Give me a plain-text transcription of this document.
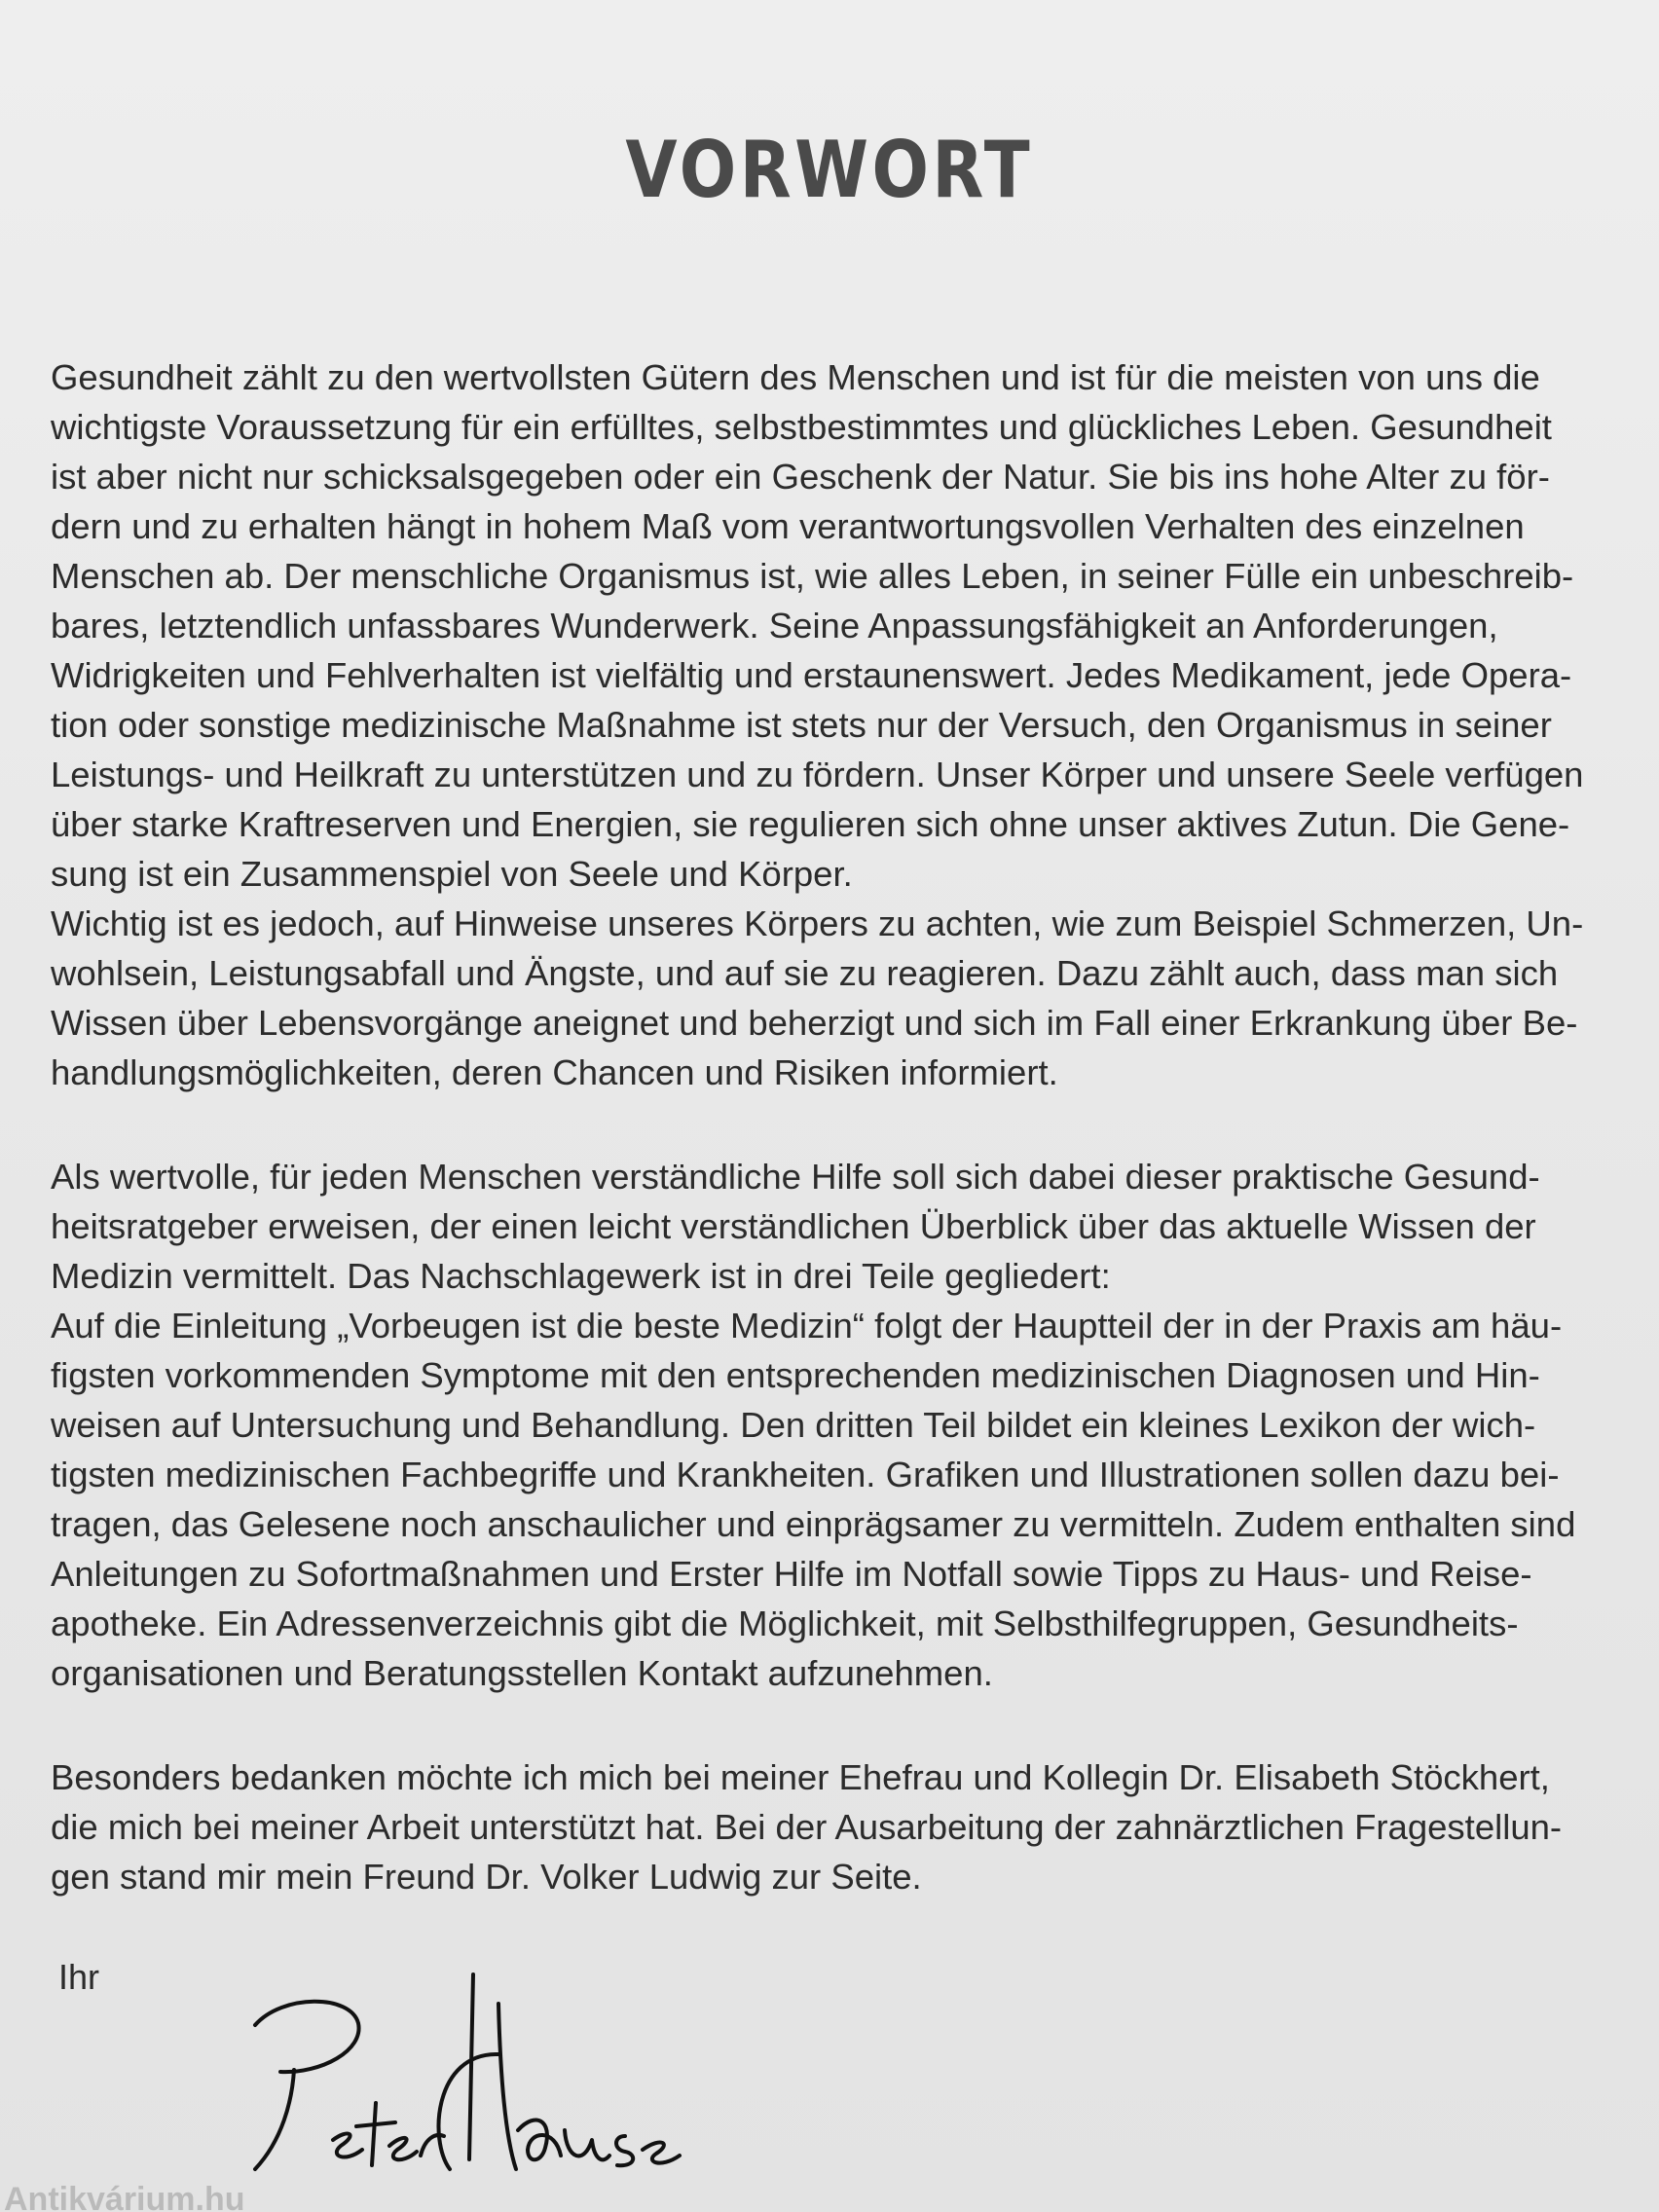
VORWORT
Gesundheit zählt zu den wertvollsten Gütern des Menschen und ist für die meisten von uns die
wichtigste Voraussetzung für ein erfülltes, selbstbestimmtes und glückliches Leben. Gesundheit
ist aber nicht nur schicksalsgegeben oder ein Geschenk der Natur. Sie bis ins hohe Alter zu för-
dern und zu erhalten hängt in hohem Maß vom verantwortungsvollen Verhalten des einzelnen
Menschen ab. Der menschliche Organismus ist, wie alles Leben, in seiner Fülle ein unbeschreib-
bares, letztendlich unfassbares Wunderwerk. Seine Anpassungsfähigkeit an Anforderungen,
Widrigkeiten und Fehlverhalten ist vielfältig und erstaunenswert. Jedes Medikament, jede Opera-
tion oder sonstige medizinische Maßnahme ist stets nur der Versuch, den Organismus in seiner
Leistungs- und Heilkraft zu unterstützen und zu fördern. Unser Körper und unsere Seele verfügen
über starke Kraftreserven und Energien, sie regulieren sich ohne unser aktives Zutun. Die Gene-
sung ist ein Zusammenspiel von Seele und Körper.
Wichtig ist es jedoch, auf Hinweise unseres Körpers zu achten, wie zum Beispiel Schmerzen, Un-
wohlsein, Leistungsabfall und Ängste, und auf sie zu reagieren. Dazu zählt auch, dass man sich
Wissen über Lebensvorgänge aneignet und beherzigt und sich im Fall einer Erkrankung über Be-
handlungsmöglichkeiten, deren Chancen und Risiken informiert.
Als wertvolle, für jeden Menschen verständliche Hilfe soll sich dabei dieser praktische Gesund-
heitsratgeber erweisen, der einen leicht verständlichen Überblick über das aktuelle Wissen der
Medizin vermittelt. Das Nachschlagewerk ist in drei Teile gegliedert:
Auf die Einleitung „Vorbeugen ist die beste Medizin“ folgt der Hauptteil der in der Praxis am häu-
figsten vorkommenden Symptome mit den entsprechenden medizinischen Diagnosen und Hin-
weisen auf Untersuchung und Behandlung. Den dritten Teil bildet ein kleines Lexikon der wich-
tigsten medizinischen Fachbegriffe und Krankheiten. Grafiken und Illustrationen sollen dazu bei-
tragen, das Gelesene noch anschaulicher und einprägsamer zu vermitteln. Zudem enthalten sind
Anleitungen zu Sofortmaßnahmen und Erster Hilfe im Notfall sowie Tipps zu Haus- und Reise-
apotheke. Ein Adressenverzeichnis gibt die Möglichkeit, mit Selbsthilfegruppen, Gesundheits-
organisationen und Beratungsstellen Kontakt aufzunehmen.
Besonders bedanken möchte ich mich bei meiner Ehefrau und Kollegin Dr. Elisabeth Stöckhert,
die mich bei meiner Arbeit unterstützt hat. Bei der Ausarbeitung der zahnärztlichen Fragestellun-
gen stand mir mein Freund Dr. Volker Ludwig zur Seite.
Ihr
Antikvárium.hu
